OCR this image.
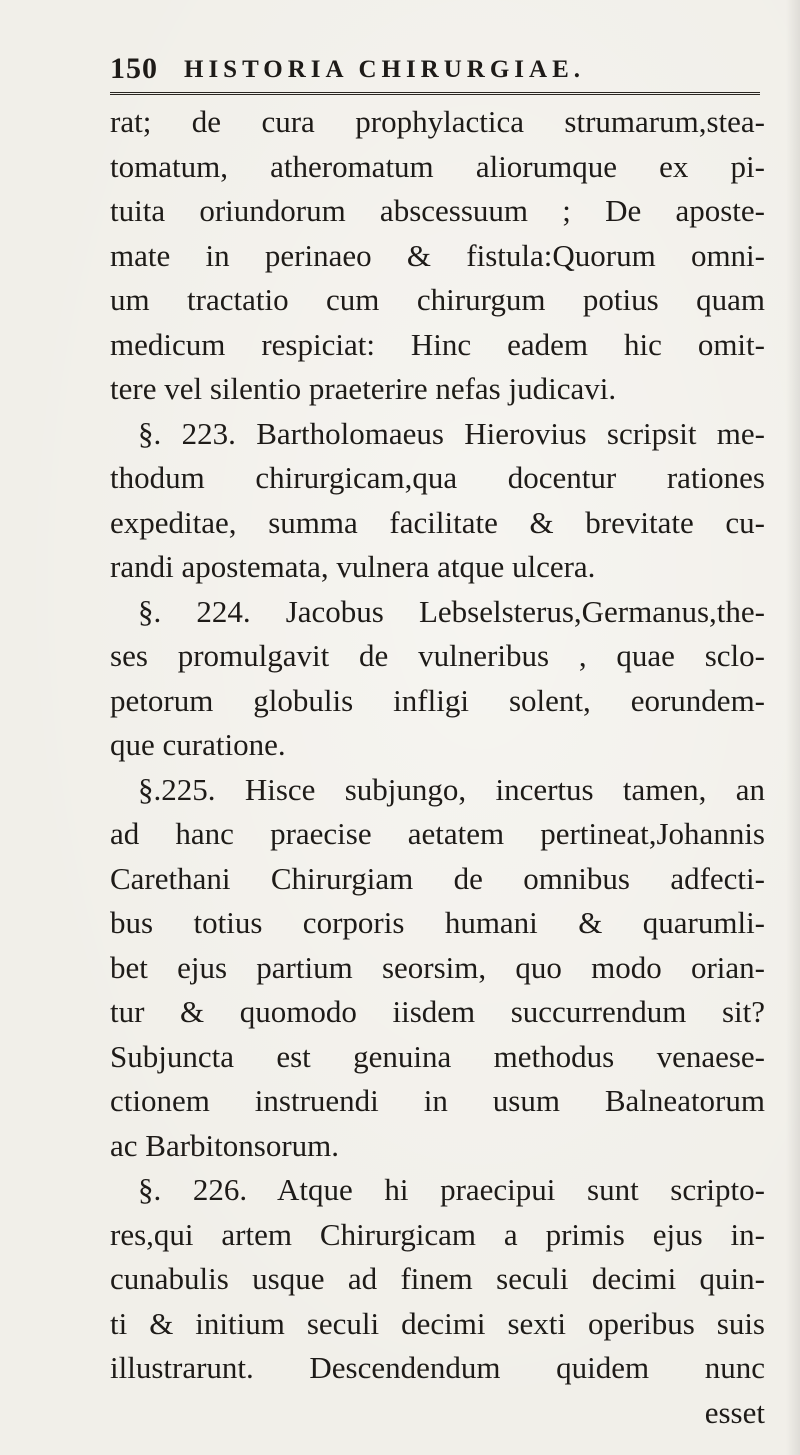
150 HISTORIA CHIRURGIAE.
rat; de cura prophylactica strumarum,stea-
tomatum, atheromatum aliorumque ex pi-
tuita oriundorum abscessuum ; De aposte-
mate in perinaeo & fistula:Quorum omni-
um tractatio cum chirurgum potius quam
medicum respiciat: Hinc eadem hic omit-
tere vel silentio praeterire nefas judicavi.
§. 223. Bartholomaeus Hierovius scripsit me-
thodum chirurgicam,qua docentur rationes
expeditae, summa facilitate & brevitate cu-
randi apostemata, vulnera atque ulcera.
§. 224. Jacobus Lebselsterus,Germanus,the-
ses promulgavit de vulneribus , quae sclo-
petorum globulis infligi solent, eorundem-
que curatione.
§.225. Hisce subjungo, incertus tamen, an
ad hanc praecise aetatem pertineat,Johannis
Carethani Chirurgiam de omnibus adfecti-
bus totius corporis humani & quarumli-
bet ejus partium seorsim, quo modo orian-
tur & quomodo iisdem succurrendum sit?
Subjuncta est genuina methodus venaese-
ctionem instruendi in usum Balneatorum
ac Barbitonsorum.
§. 226. Atque hi praecipui sunt scripto-
res,qui artem Chirurgicam a primis ejus in-
cunabulis usque ad finem seculi decimi quin-
ti & initium seculi decimi sexti operibus suis
illustrarunt. Descendendum quidem nunc
esset
